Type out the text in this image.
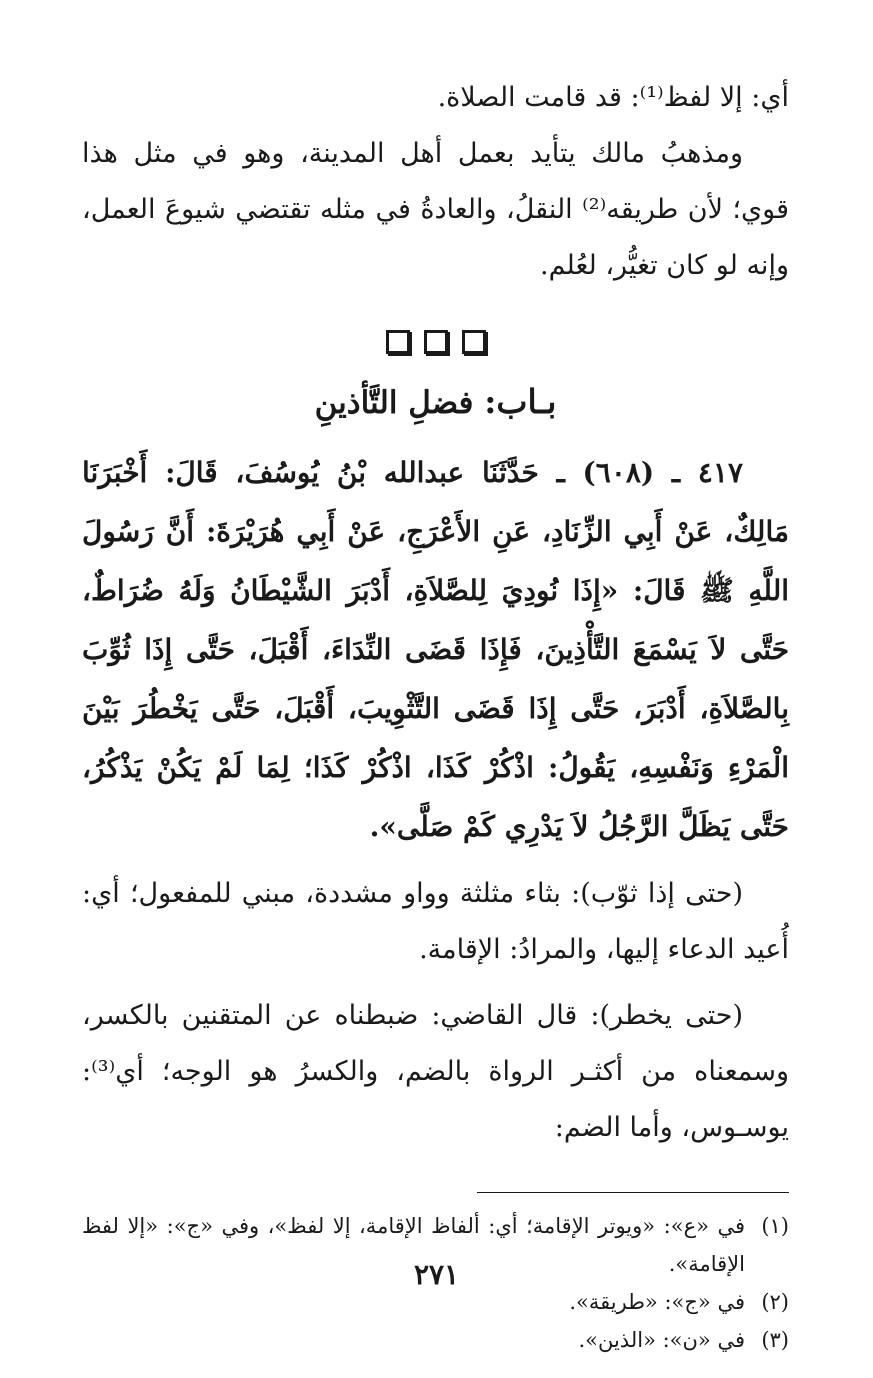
أي: إلا لفظ⁽¹⁾: قد قامت الصلاة.

ومذهبُ مالك يتأيد بعمل أهل المدينة، وهو في مثل هذا قوي؛ لأن طريقه⁽²⁾ النقلُ، والعادةُ في مثله تقتضي شيوعَ العمل، وإنه لو كان تغيُّر، لعُلم.

بـاب: فضلِ التَّأذينِ

٤١٧ ـ (٦٠٨) ـ حَدَّثَنَا عبدالله بْنُ يُوسُفَ، قَالَ: أَخْبَرَنَا مَالِكٌ، عَنْ أَبِي الزِّنَادِ، عَنِ الأَعْرَجِ، عَنْ أَبِي هُرَيْرَةَ: أَنَّ رَسُولَ اللَّهِ ﷺ قَالَ: «إِذَا نُودِيَ لِلصَّلاَةِ، أَدْبَرَ الشَّيْطَانُ وَلَهُ ضُرَاطٌ، حَتَّى لاَ يَسْمَعَ التَّأْذِينَ، فَإِذَا قَضَى النِّدَاءَ، أَقْبَلَ، حَتَّى إِذَا ثُوِّبَ بِالصَّلاَةِ، أَدْبَرَ، حَتَّى إِذَا قَضَى التَّثْوِيبَ، أَقْبَلَ، حَتَّى يَخْطُرَ بَيْنَ الْمَرْءِ وَنَفْسِهِ، يَقُولُ: اذْكُرْ كَذَا، اذْكُرْ كَذَا؛ لِمَا لَمْ يَكُنْ يَذْكُرُ، حَتَّى يَظَلَّ الرَّجُلُ لاَ يَدْرِي كَمْ صَلَّى».

(حتى إذا ثوّب): بثاء مثلثة وواو مشددة، مبني للمفعول؛ أي: أُعيد الدعاء إليها، والمرادُ: الإقامة.

(حتى يخطر): قال القاضي: ضبطناه عن المتقنين بالكسر، وسمعناه من أكثـر الرواة بالضم، والكسرُ هو الوجه؛ أي⁽³⁾: يوسـوس، وأما الضم:

(١)
في «ع»: «ويوتر الإقامة؛ أي: ألفاظ الإقامة، إلا لفظ»، وفي «ج»: «إلا لفظ الإقامة».
(٢)
في «ج»: «طريقة».
(٣)
في «ن»: «الذين».
٢٧١
